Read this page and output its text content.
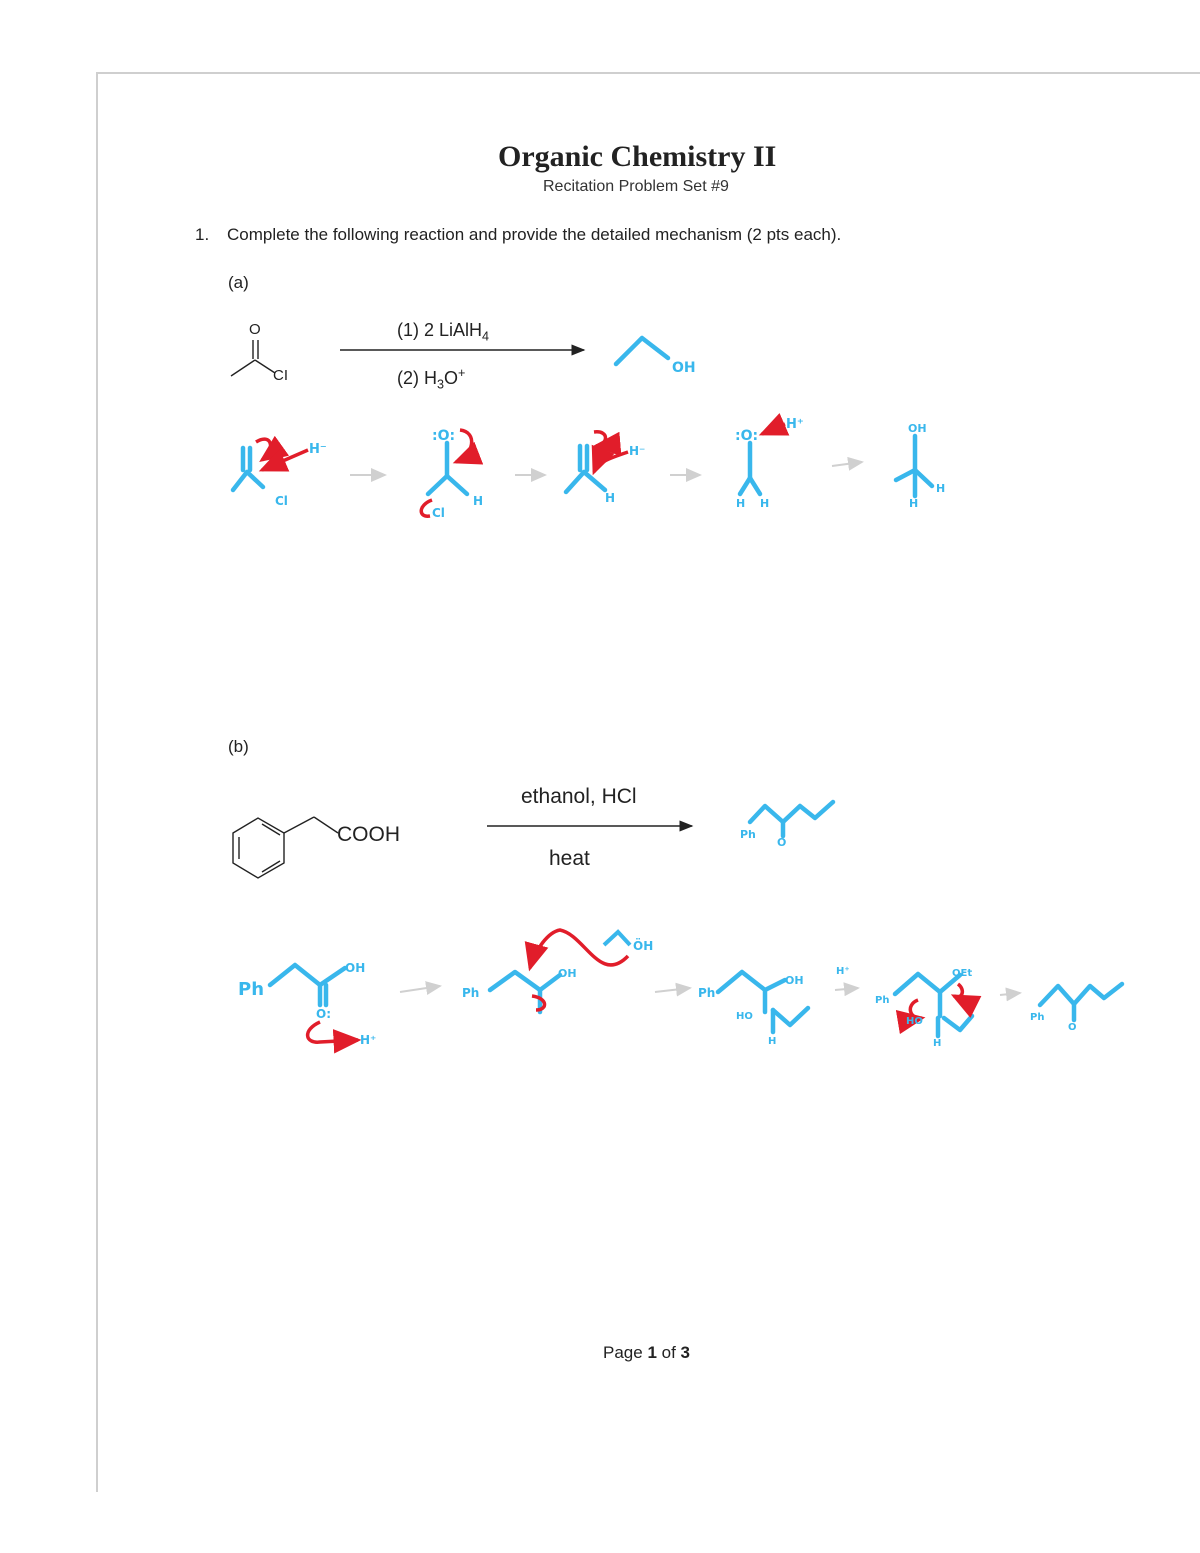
Organic Chemistry II
Recitation Problem Set #9
1. Complete the following reaction and provide the detailed mechanism (2 pts each).
(a)
O
CI
(1) 2 LiAlH$_4$
(2) $H_3O^+$
(b)
COOH
ethanol, HCl
heat
Page 1 of 3
OH
H⁻
Cl
:O:
Cl
H
H⁻
H
:O:
H⁺
H H
OH
H
H
Ph
O
Ph
OH
O:
H⁺
Ph
OH
ÖH
Ph
OH
HO
H
H⁺
Ph
OEt
HO
H
Ph
O
